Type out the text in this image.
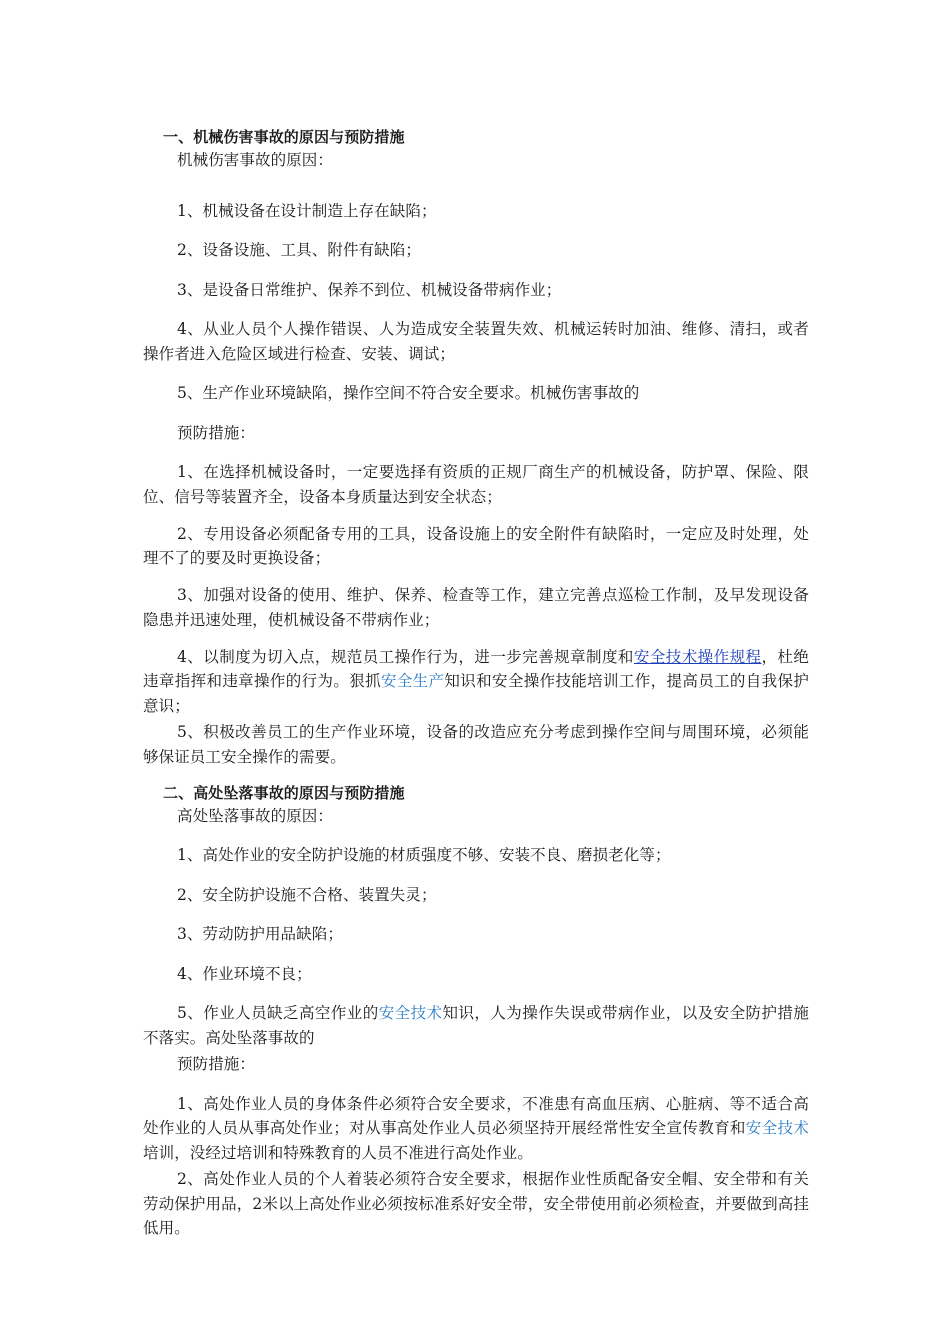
一、机械伤害事故的原因与预防措施

机械伤害事故的原因：

1、机械设备在设计制造上存在缺陷；

2、设备设施、工具、附件有缺陷；

3、是设备日常维护、保养不到位、机械设备带病作业；

4、从业人员个人操作错误、人为造成安全装置失效、机械运转时加油、维修、清扫，或者操作者进入危险区域进行检查、安装、调试；

5、生产作业环境缺陷，操作空间不符合安全要求。机械伤害事故的

预防措施：

1、在选择机械设备时，一定要选择有资质的正规厂商生产的机械设备，防护罩、保险、限位、信号等装置齐全，设备本身质量达到安全状态；

2、专用设备必须配备专用的工具，设备设施上的安全附件有缺陷时，一定应及时处理，处理不了的要及时更换设备；

3、加强对设备的使用、维护、保养、检查等工作，建立完善点巡检工作制，及早发现设备隐患并迅速处理，使机械设备不带病作业；

4、以制度为切入点，规范员工操作行为，进一步完善规章制度和安全技术操作规程，杜绝违章指挥和违章操作的行为。狠抓安全生产知识和安全操作技能培训工作，提高员工的自我保护意识；

5、积极改善员工的生产作业环境，设备的改造应充分考虑到操作空间与周围环境，必须能够保证员工安全操作的需要。

二、高处坠落事故的原因与预防措施

高处坠落事故的原因：

1、高处作业的安全防护设施的材质强度不够、安装不良、磨损老化等；

2、安全防护设施不合格、装置失灵；

3、劳动防护用品缺陷；

4、作业环境不良；

5、作业人员缺乏高空作业的安全技术知识，人为操作失误或带病作业，以及安全防护措施不落实。高处坠落事故的

预防措施：

1、高处作业人员的身体条件必须符合安全要求，不准患有高血压病、心脏病、等不适合高处作业的人员从事高处作业；对从事高处作业人员必须坚持开展经常性安全宣传教育和安全技术培训，没经过培训和特殊教育的人员不准进行高处作业。

2、高处作业人员的个人着装必须符合安全要求，根据作业性质配备安全帽、安全带和有关劳动保护用品，2米以上高处作业必须按标准系好安全带，安全带使用前必须检查，并要做到高挂低用。
